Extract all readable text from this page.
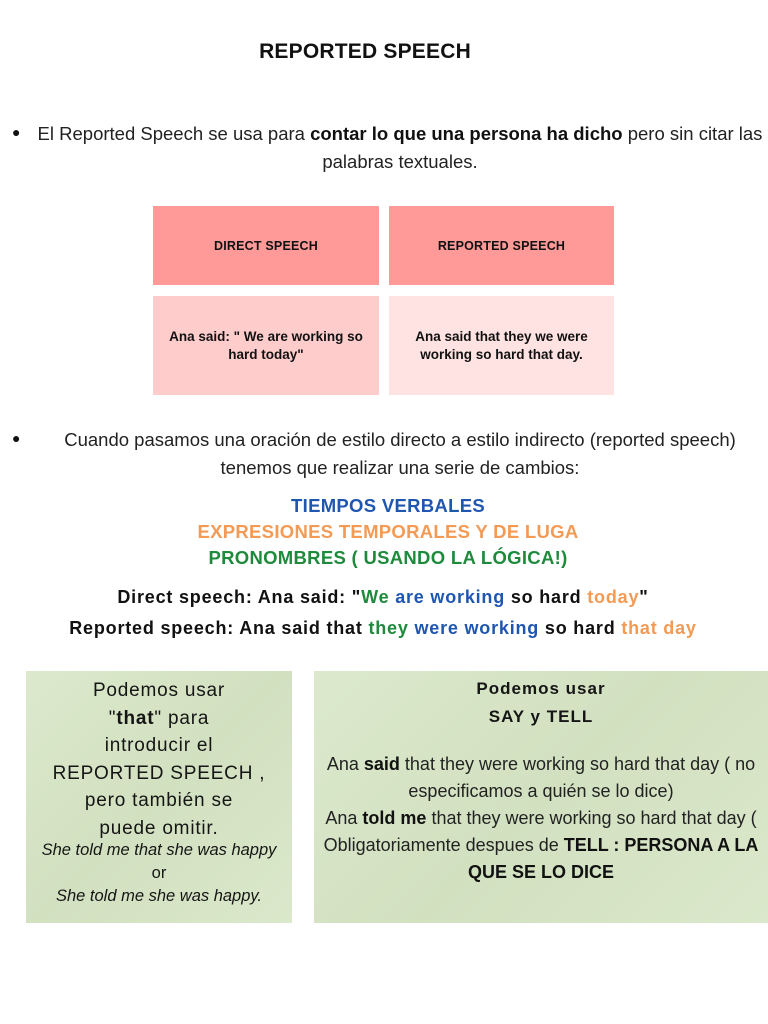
REPORTED SPEECH
● El Reported Speech se usa para contar lo que una persona ha dicho pero sin citar las palabras textuales.

DIRECT SPEECH	REPORTED SPEECH
Ana said: " We are working so hard today"
Ana said that they we were working so hard that day.
●	Cuando pasamos una oración de estilo directo a estilo indirecto (reported speech) tenemos que realizar una serie de cambios:

TIEMPOS VERBALES
EXPRESIONES TEMPORALES Y DE LUGA
PRONOMBRES ( USANDO LA LÓGICA!)
Direct speech: Ana said: "We are working so hard today"
Reported speech: Ana said that they were working so hard that day
Podemos usar
"that" para
introducir el
REPORTED SPEECH ,
pero también se
puede omitir.
She told me that she was happy
or
She told me she was happy.
Podemos usar
SAY y TELL

Ana said that they were working so hard that day ( no especificamos a quién se lo dice)

Ana told me that they were working so hard that day ( Obligatoriamente despues de TELL : PERSONA A LA QUE SE LO DICE
